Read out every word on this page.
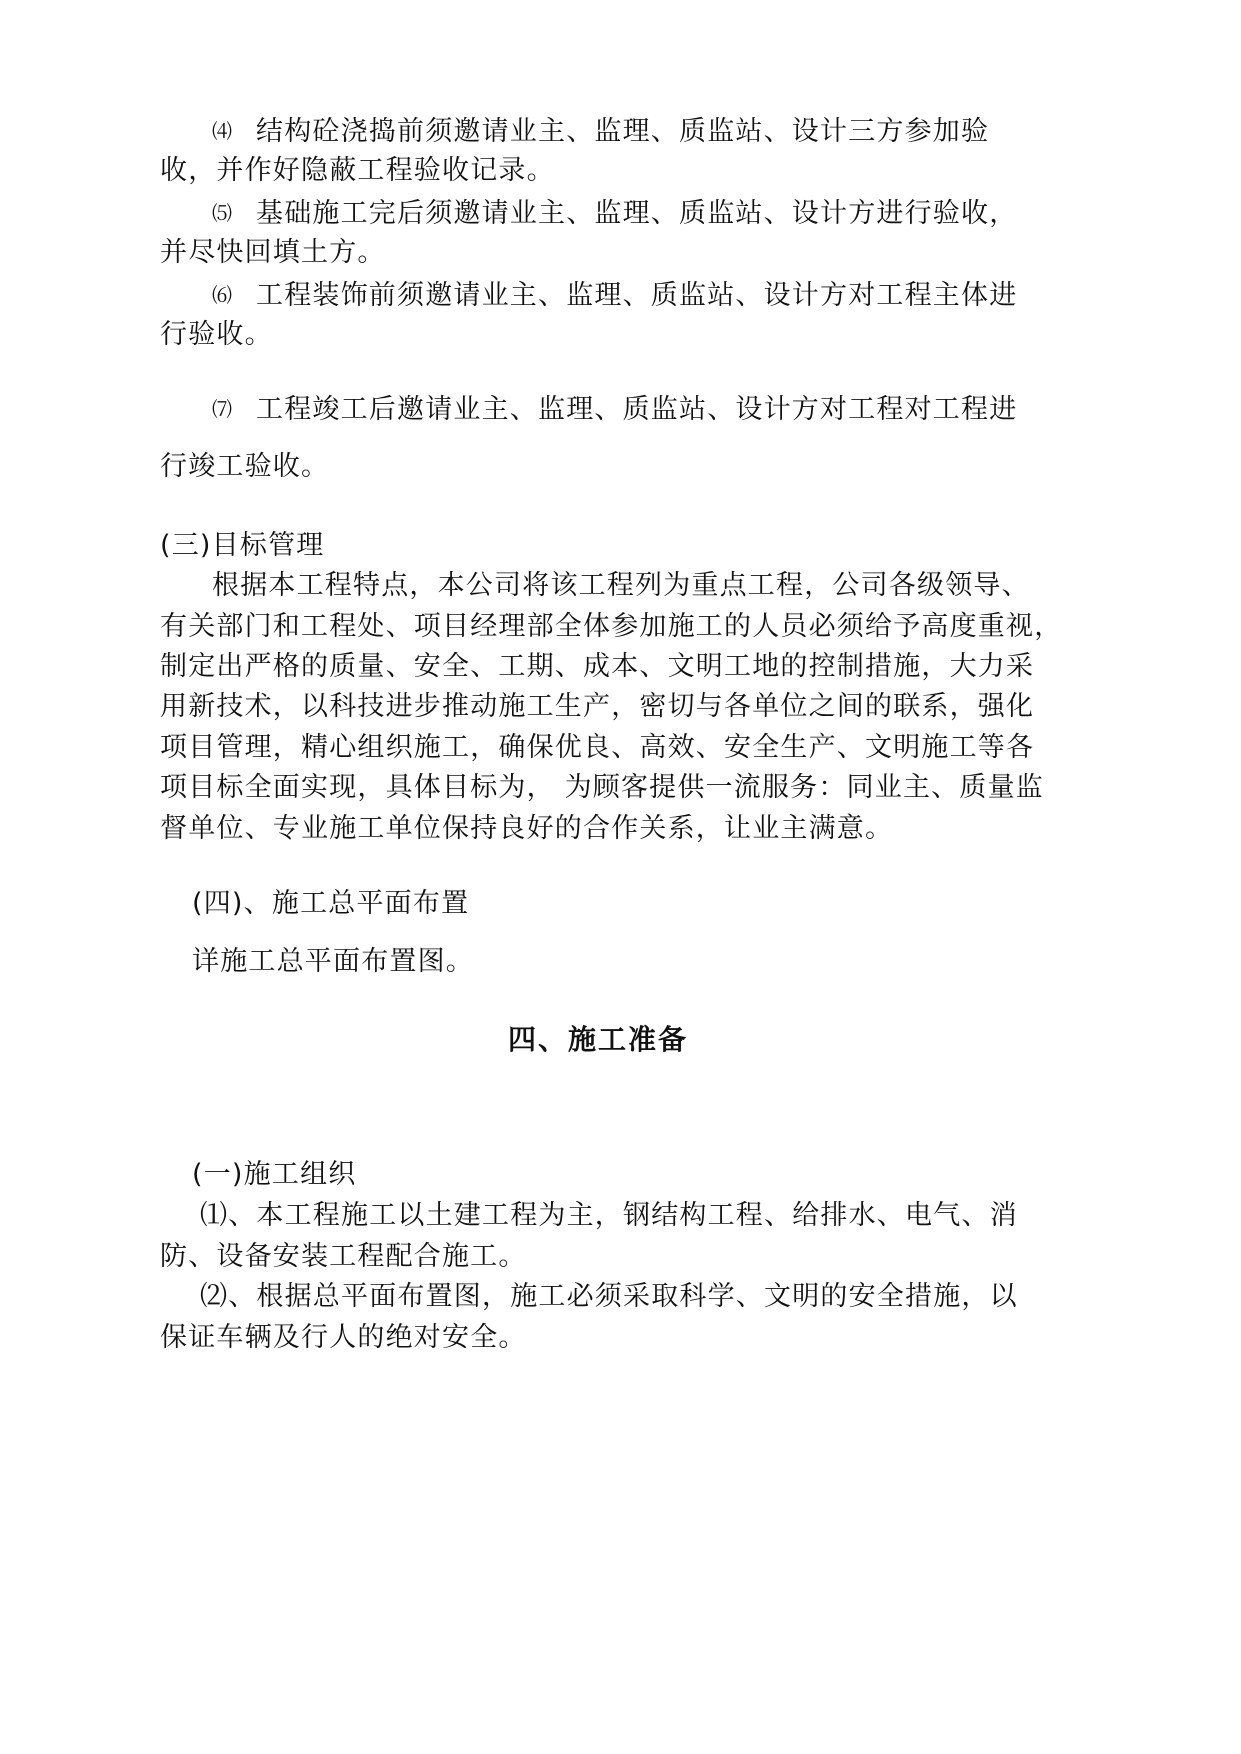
⑷ 结构砼浇捣前须邀请业主、监理、质监站、设计三方参加验
收，并作好隐蔽工程验收记录。
⑸ 基础施工完后须邀请业主、监理、质监站、设计方进行验收，
并尽快回填土方。
⑹ 工程装饰前须邀请业主、监理、质监站、设计方对工程主体进
行验收。
⑺ 工程竣工后邀请业主、监理、质监站、设计方对工程对工程进
行竣工验收。
(三)目标管理
根据本工程特点，本公司将该工程列为重点工程，公司各级领导、
有关部门和工程处、项目经理部全体参加施工的人员必须给予高度重视，
制定出严格的质量、安全、工期、成本、文明工地的控制措施，大力采
用新技术，以科技进步推动施工生产，密切与各单位之间的联系，强化
项目管理，精心组织施工，确保优良、高效、安全生产、文明施工等各
项目标全面实现，具体目标为， 为顾客提供一流服务：同业主、质量监
督单位、专业施工单位保持良好的合作关系，让业主满意。
(四)、施工总平面布置
详施工总平面布置图。
四、施工准备
(一)施工组织
⑴、本工程施工以土建工程为主，钢结构工程、给排水、电气、消
防、设备安装工程配合施工。
⑵、根据总平面布置图，施工必须采取科学、文明的安全措施，以
保证车辆及行人的绝对安全。
